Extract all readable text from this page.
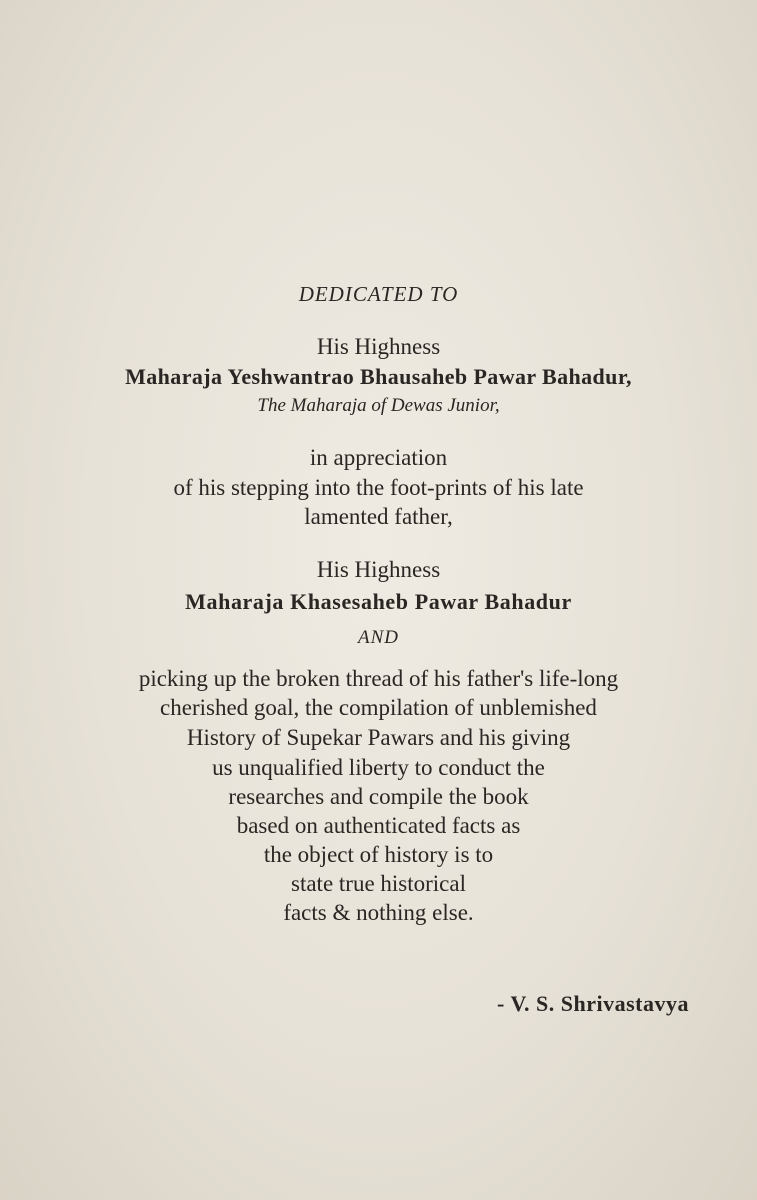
DEDICATED TO
His Highness
Maharaja Yeshwantrao Bhausaheb Pawar Bahadur,
The Maharaja of Dewas Junior,
in appreciation
of his stepping into the foot-prints of his late
lamented father,
His Highness
Maharaja Khasesaheb Pawar Bahadur
AND
picking up the broken thread of his father's life-long
cherished goal, the compilation of unblemished
History of Supekar Pawars and his giving
us unqualified liberty to conduct the
researches and compile the book
based on authenticated facts as
the object of history is to
state true historical
facts & nothing else.
- V. S. Shrivastavya
